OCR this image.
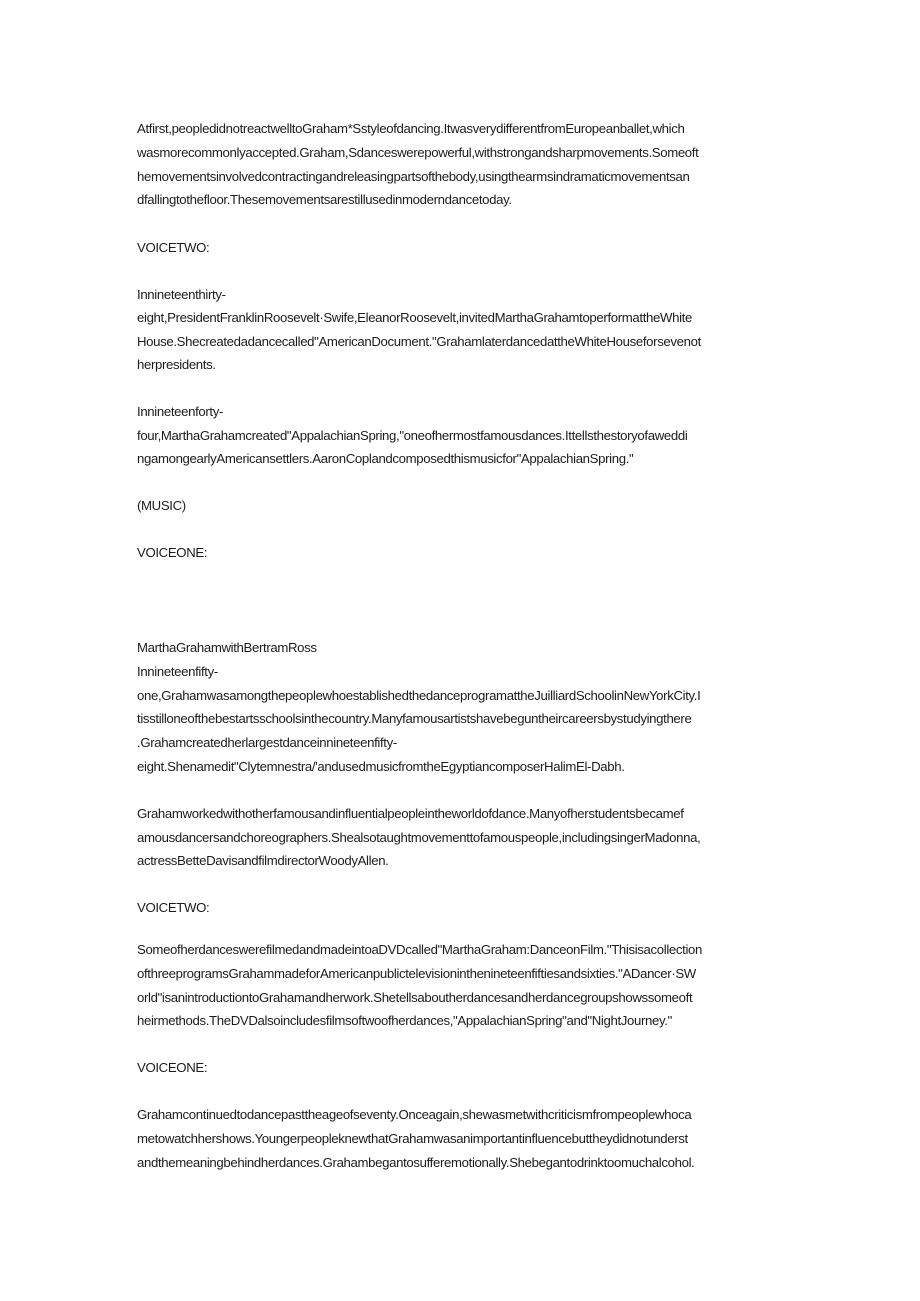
Atfirst,peopledidnotreactwelltoGraham*Sstyleofdancing.Itwasverydifferentfrom​Europeanballet,which

wasmorecommonlyaccepted.Graham,Sdanceswerepowerful,withstrongandsharpmovements.Someoft

hemovementsinvolvedcontractingandreleasingpartsofthebody,usingthearmsindramaticmovementsan

dfallingtothefloor.Thesemovementsarestillusedinmoderndancetoday.

VOICETWO:

Innineteenthirty-

eight,PresidentFranklinRoosevelt·Swife,EleanorRoosevelt,invitedMarthaGrahamtoperformattheWhite

House.Shecreatedadancecalled"AmericanDocument."GrahamlaterdancedattheWhiteHouseforsevenot

herpresidents.

Innineteenforty-

four,MarthaGrahamcreated"AppalachianSpring,"oneofhermostfamousdances.Ittellsthestoryofaweddi

ngamongearlyAmericansettlers.AaronCoplandcomposedthismusicfor"AppalachianSpring."

(MUSIC)

VOICEONE:

MarthaGrahamwithBertramRoss

Innineteenfifty-

one,GrahamwasamongthepeoplewhoestablishedthedanceprogramattheJuilliardSchoolinNewYorkCity.I

tisstilloneofthebestartsschoolsinthecountry.Manyfamousartistshavebeguntheircareersbystudyingthere

.Grahamcreatedherlargestdanceinnineteenfifty-

eight.Shenamedit"Clytemnestra/'andusedmusicfromtheEgyptiancomposerHalimEl-Dabh.

Grahamworkedwithotherfamousandinfluentialpeopleintheworldofdance.Manyofherstudentsbecamef

amousdancersandchoreographers.Shealsotaughtmovementtofamouspeople,includingsingerMadonna,

actressBetteDavisandfilmdirectorWoodyAllen.

VOICETWO:

Someofherdanceswerefilmedandmadeintoa​DVDcalled"MarthaGraham:DanceonFilm."Thisisacollection

ofthreeprogramsGrahammadeforAmericanpublictelevisioninthenineteenfiftiesandsixties."ADancer·SW

orld"isanintroductiontoGrahamandherwork.Shetellsaboutherdancesandherdancegroupshowssomeoft

heirmethods.TheDVDalsoincludesfilmsoftwoofherdances,"AppalachianSpring"and"NightJourney."

VOICEONE:

Grahamcontinuedtodancepasttheageofseventy.Onceagain,shewasmetwithcriticismfrompeoplewhoca

metowatchhershows.YoungerpeopleknewthatGrahamwasanimportantinfluencebuttheydidnotunderst

andthemeaningbehindherdances.Grahambegantosufferemotionally.Shebegantodrinktoomuchalcohol.
